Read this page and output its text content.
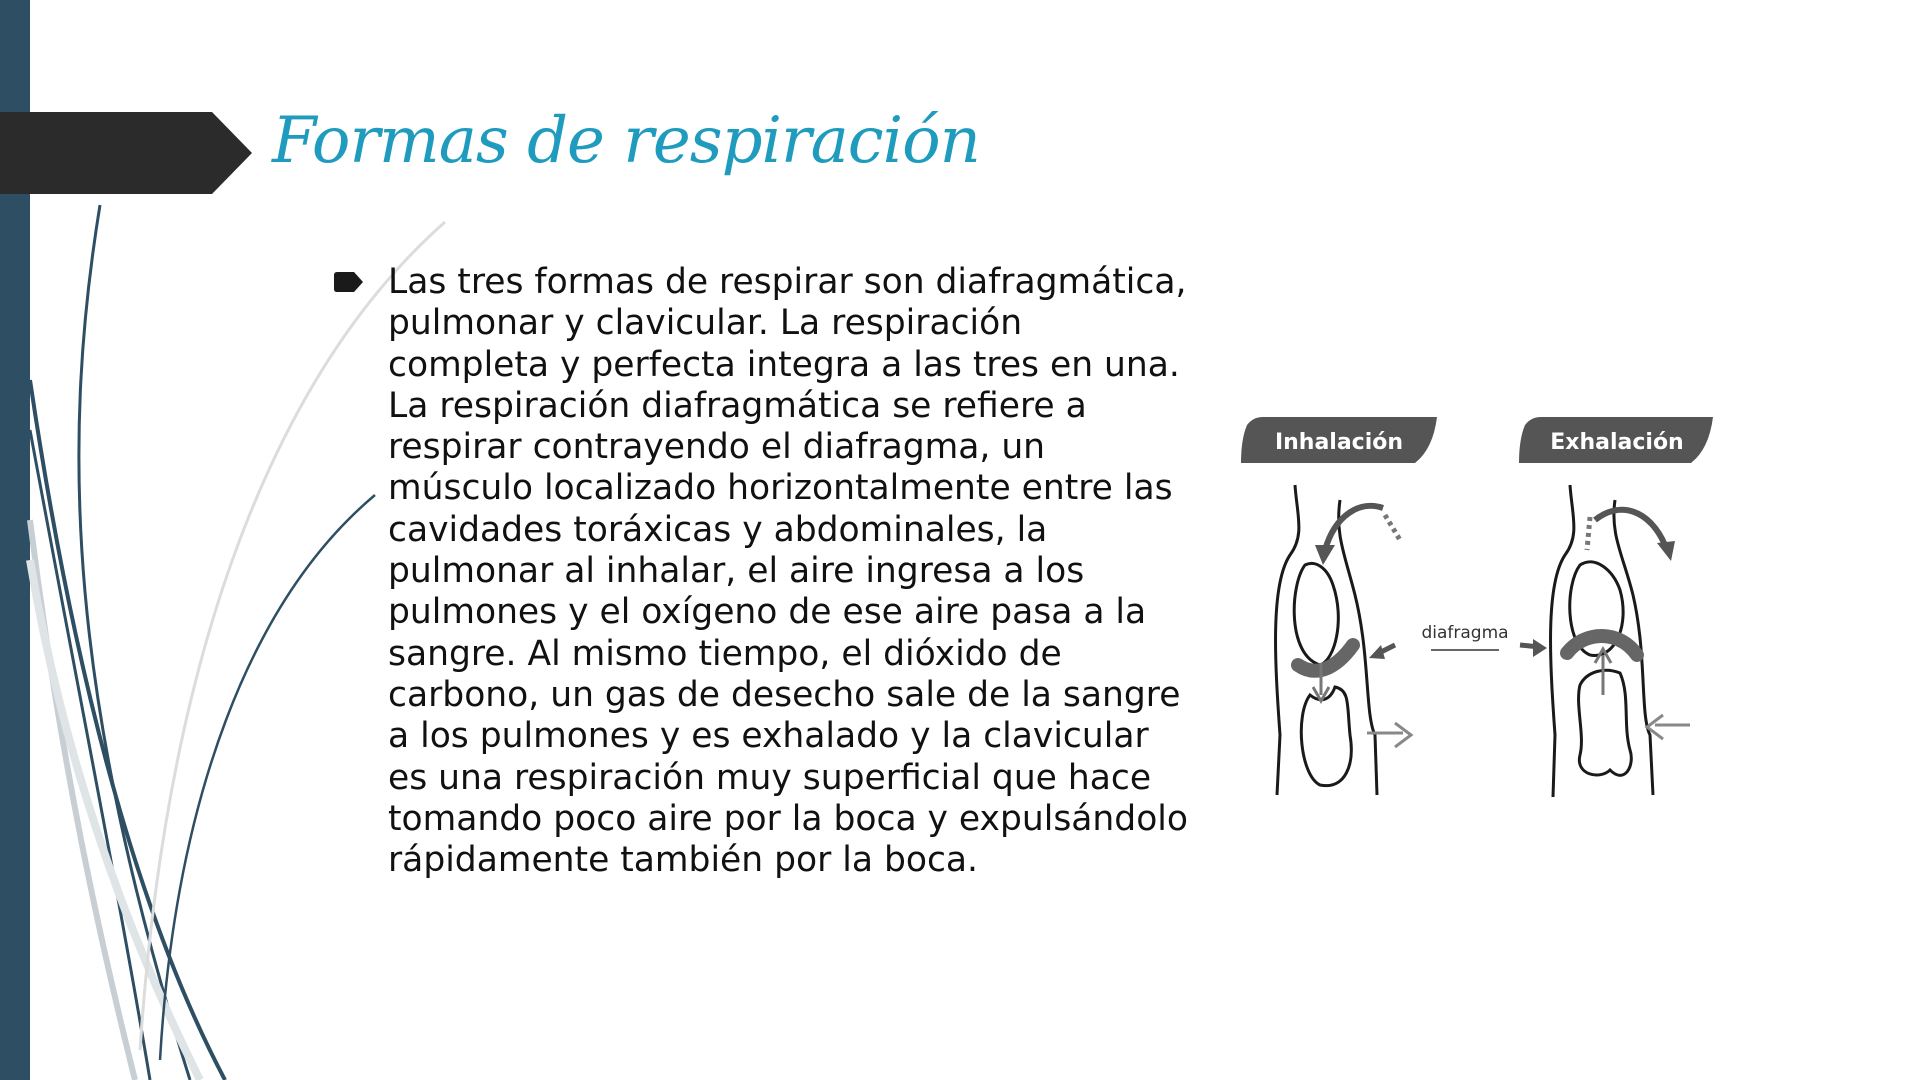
Formas de respiración

Las tres formas de respirar son diafragmática, pulmonar y clavicular. La respiración completa y perfecta integra a las tres en una. La respiración diafragmática se refiere a respirar contrayendo el diafragma, un músculo localizado horizontalmente entre las cavidades toráxicas y abdominales, la pulmonar al inhalar, el aire ingresa a los pulmones y el oxígeno de ese aire pasa a la sangre. Al mismo tiempo, el dióxido de carbono, un gas de desecho sale de la sangre a los pulmones y es exhalado y la clavicular es una respiración muy superficial que hace tomando poco aire por la boca y expulsándolo rápidamente también por la boca.

Inhalación	Exhalación
diafragma
